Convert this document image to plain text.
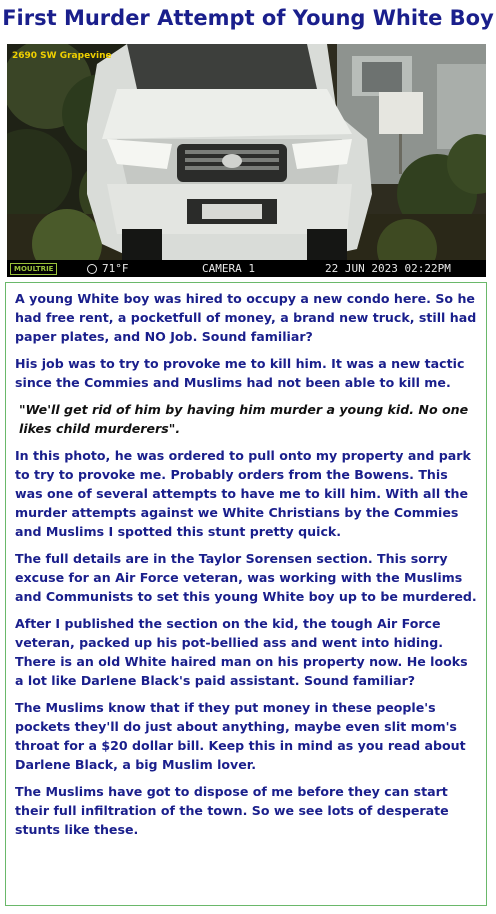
First Murder Attempt of Young White Boy
2690 SW Grapevine
MOULTRIE	71°F	CAMERA 1	22 JUN 2023 02:22PM

A young White boy was hired to occupy a new condo here. So he had free rent, a pocketfull of money, a brand new truck, still had paper plates, and NO Job. Sound familiar?

His job was to try to provoke me to kill him. It was a new tactic since the Commies and Muslims had not been able to kill me.

"We'll get rid of him by having him murder a young kid. No one likes child murderers".

In this photo, he was ordered to pull onto my property and park to try to provoke me. Probably orders from the Bowens. This was one of several attempts to have me to kill him. With all the murder attempts against we White Christians by the Commies and Muslims I spotted this stunt pretty quick.

The full details are in the Taylor Sorensen section. This sorry excuse for an Air Force veteran, was working with the Muslims and Communists to set this young White boy up to be murdered.

After I published the section on the kid, the tough Air Force veteran, packed up his pot-bellied ass and went into hiding. There is an old White haired man on his property now. He looks a lot like Darlene Black's paid assistant. Sound familiar?

The Muslims know that if they put money in these people's pockets they'll do just about anything, maybe even slit mom's throat for a $20 dollar bill. Keep this in mind as you read about Darlene Black, a big Muslim lover.

The Muslims have got to dispose of me before they can start their full infiltration of the town. So we see lots of desperate stunts like these.
